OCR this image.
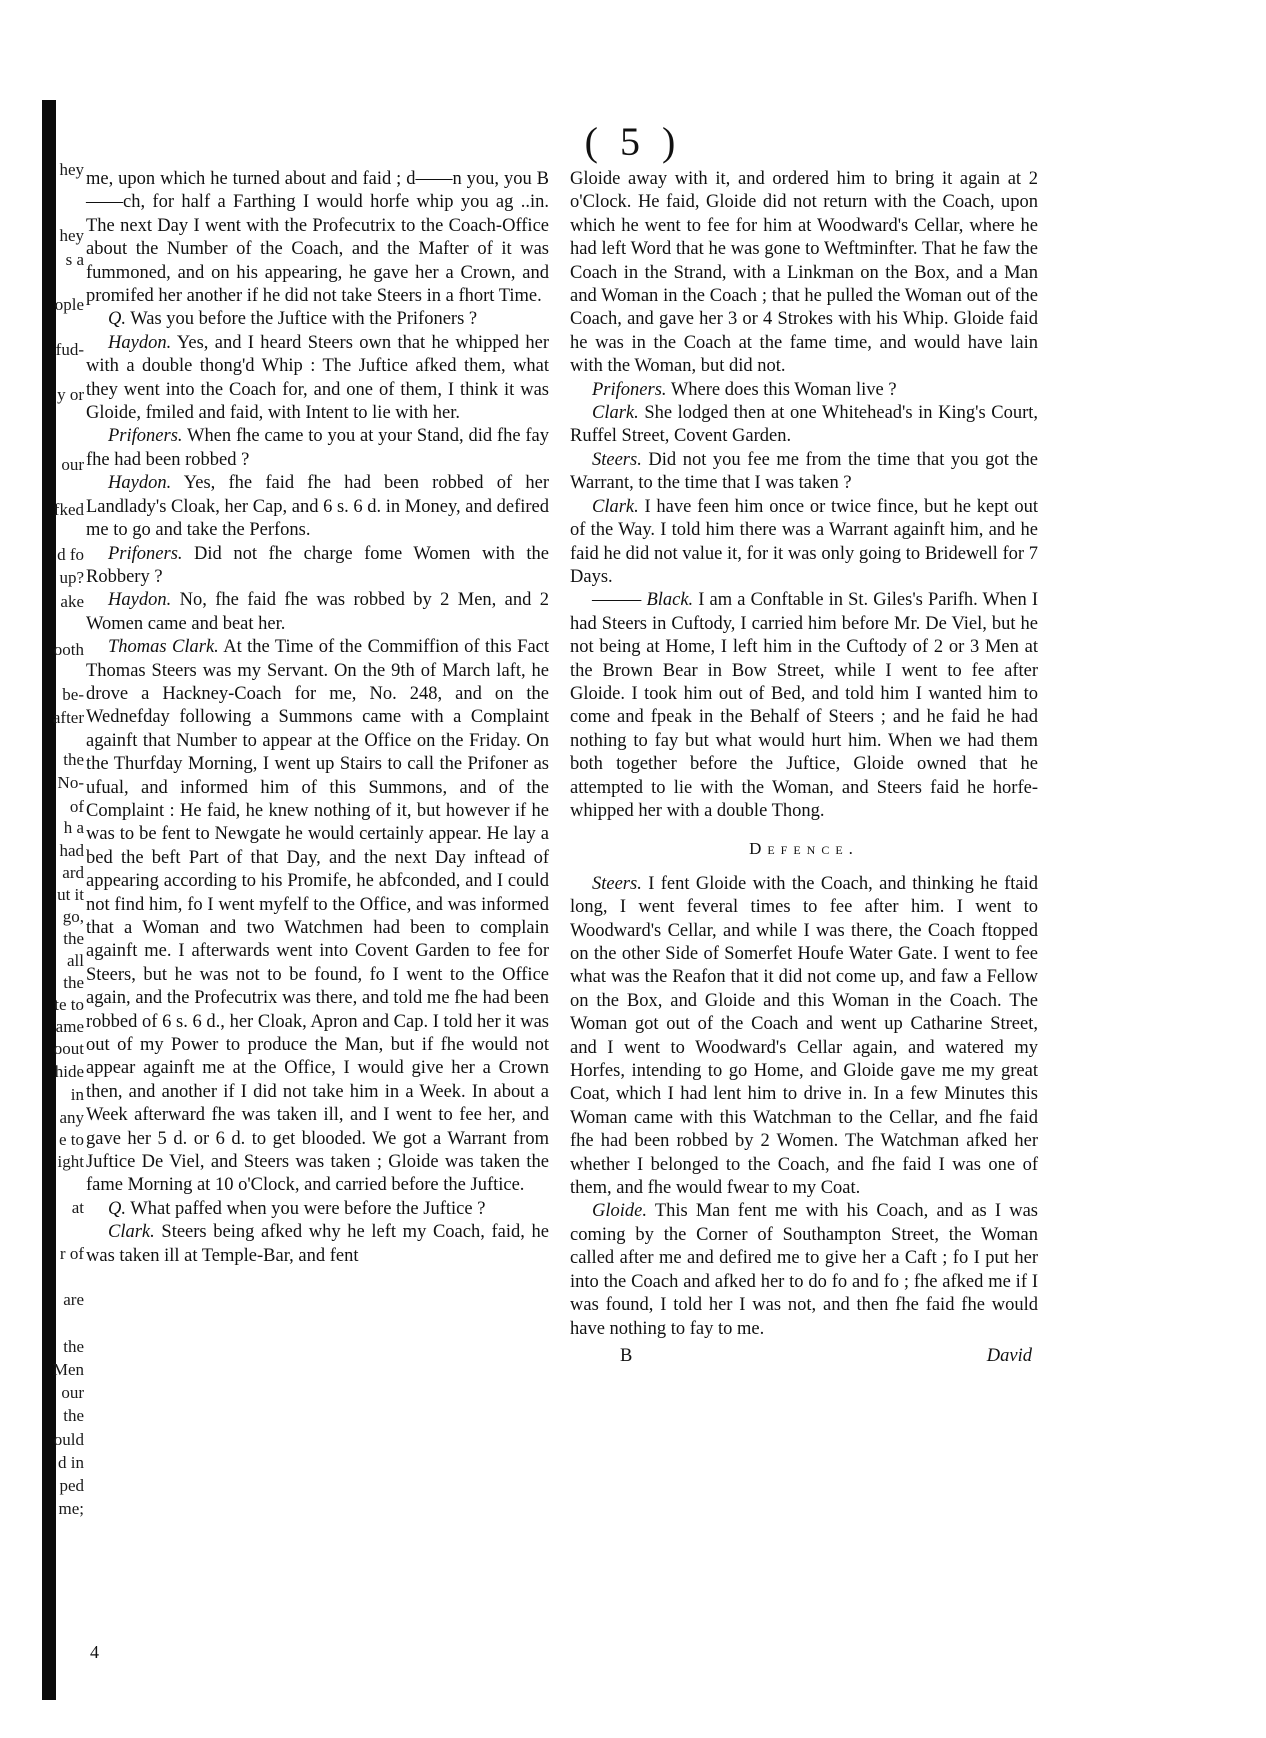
hey
hey
s a
ople
fud-
y or
our
fked
d fo
up?
ake
ooth
be-
after
the
No-
of
h a
had
ard
ut it
go,
the
all
the
te to
ame
oout
hide
in
any
e to
ight
at
r of
are
the
Men
our
the
ould
d in
ped
me;
( 5 )

me, upon which he turned about and faid ; d——n you, you B——ch, for half a Farthing I would horfe whip you ag ..in. The next Day I went with the Profecutrix to the Coach-Office about the Number of the Coach, and the Mafter of it was fummoned, and on his appearing, he gave her a Crown, and promifed her another if he did not take Steers in a fhort Time.

Q. Was you before the Juftice with the Prifoners ?

Haydon. Yes, and I heard Steers own that he whipped her with a double thong'd Whip : The Juftice afked them, what they went into the Coach for, and one of them, I think it was Gloide, fmiled and faid, with Intent to lie with her.

Prifoners. When fhe came to you at your Stand, did fhe fay fhe had been robbed ?

Haydon. Yes, fhe faid fhe had been robbed of her Landlady's Cloak, her Cap, and 6 s. 6 d. in Money, and defired me to go and take the Perfons.

Prifoners. Did not fhe charge fome Women with the Robbery ?

Haydon. No, fhe faid fhe was robbed by 2 Men, and 2 Women came and beat her.

Thomas Clark. At the Time of the Commiffion of this Fact Thomas Steers was my Servant. On the 9th of March laft, he drove a Hackney-Coach for me, No. 248, and on the Wednefday following a Summons came with a Complaint againft that Number to appear at the Office on the Friday. On the Thurfday Morning, I went up Stairs to call the Prifoner as ufual, and informed him of this Summons, and of the Complaint : He faid, he knew nothing of it, but however if he was to be fent to Newgate he would certainly appear. He lay a bed the beft Part of that Day, and the next Day inftead of appearing according to his Promife, he abfconded, and I could not find him, fo I went myfelf to the Office, and was informed that a Woman and two Watchmen had been to complain againft me. I afterwards went into Covent Garden to fee for Steers, but he was not to be found, fo I went to the Office again, and the Profecutrix was there, and told me fhe had been robbed of 6 s. 6 d., her Cloak, Apron and Cap. I told her it was out of my Power to produce the Man, but if fhe would not appear againft me at the Office, I would give her a Crown then, and another if I did not take him in a Week. In about a Week afterward fhe was taken ill, and I went to fee her, and gave her 5 d. or 6 d. to get blooded. We got a Warrant from Juftice De Viel, and Steers was taken ; Gloide was taken the fame Morning at 10 o'Clock, and carried before the Juftice.

Q. What paffed when you were before the Juftice ?

Clark. Steers being afked why he left my Coach, faid, he was taken ill at Temple-Bar, and fent

Gloide away with it, and ordered him to bring it again at 2 o'Clock. He faid, Gloide did not return with the Coach, upon which he went to fee for him at Woodward's Cellar, where he had left Word that he was gone to Weftminfter. That he faw the Coach in the Strand, with a Linkman on the Box, and a Man and Woman in the Coach ; that he pulled the Woman out of the Coach, and gave her 3 or 4 Strokes with his Whip. Gloide faid he was in the Coach at the fame time, and would have lain with the Woman, but did not.

Prifoners. Where does this Woman live ?

Clark. She lodged then at one Whitehead's in King's Court, Ruffel Street, Covent Garden.

Steers. Did not you fee me from the time that you got the Warrant, to the time that I was taken ?

Clark. I have feen him once or twice fince, but he kept out of the Way. I told him there was a Warrant againft him, and he faid he did not value it, for it was only going to Bridewell for 7 Days.

——— Black. I am a Conftable in St. Giles's Parifh. When I had Steers in Cuftody, I carried him before Mr. De Viel, but he not being at Home, I left him in the Cuftody of 2 or 3 Men at the Brown Bear in Bow Street, while I went to fee after Gloide. I took him out of Bed, and told him I wanted him to come and fpeak in the Behalf of Steers ; and he faid he had nothing to fay but what would hurt him. When we had them both together before the Juftice, Gloide owned that he attempted to lie with the Woman, and Steers faid he horfe-whipped her with a double Thong.

Defence.

Steers. I fent Gloide with the Coach, and thinking he ftaid long, I went feveral times to fee after him. I went to Woodward's Cellar, and while I was there, the Coach ftopped on the other Side of Somerfet Houfe Water Gate. I went to fee what was the Reafon that it did not come up, and faw a Fellow on the Box, and Gloide and this Woman in the Coach. The Woman got out of the Coach and went up Catharine Street, and I went to Woodward's Cellar again, and watered my Horfes, intending to go Home, and Gloide gave me my great Coat, which I had lent him to drive in. In a few Minutes this Woman came with this Watchman to the Cellar, and fhe faid fhe had been robbed by 2 Women. The Watchman afked her whether I belonged to the Coach, and fhe faid I was one of them, and fhe would fwear to my Coat.

Gloide. This Man fent me with his Coach, and as I was coming by the Corner of Southampton Street, the Woman called after me and defired me to give her a Caft ; fo I put her into the Coach and afked her to do fo and fo ; fhe afked me if I was found, I told her I was not, and then fhe faid fhe would have nothing to fay to me.

B	David
4
